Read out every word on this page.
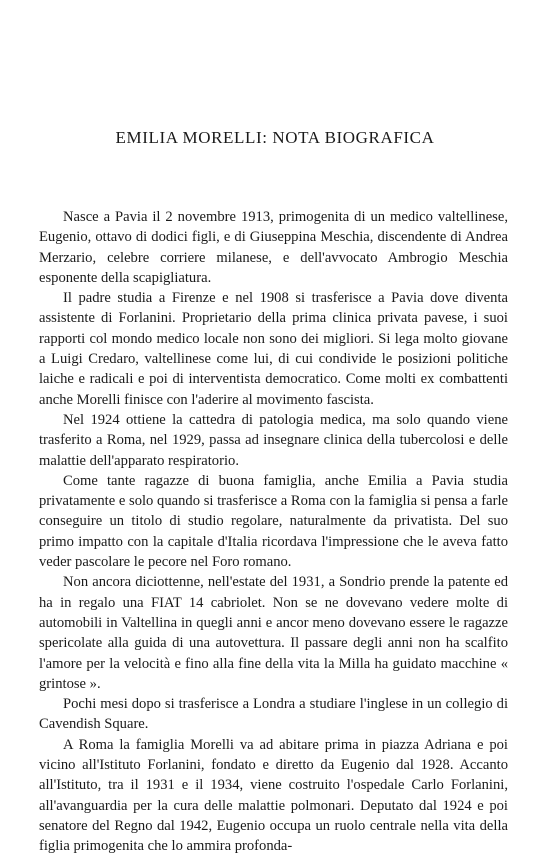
EMILIA MORELLI: NOTA BIOGRAFICA

Nasce a Pavia il 2 novembre 1913, primogenita di un medico valtellinese, Eugenio, ottavo di dodici figli, e di Giuseppina Meschia, discendente di Andrea Merzario, celebre corriere milanese, e dell'avvocato Ambrogio Meschia esponente della scapigliatura.

Il padre studia a Firenze e nel 1908 si trasferisce a Pavia dove diventa assistente di Forlanini. Proprietario della prima clinica privata pavese, i suoi rapporti col mondo medico locale non sono dei migliori. Si lega molto giovane a Luigi Credaro, valtellinese come lui, di cui condivide le posizioni politiche laiche e radicali e poi di interventista democratico. Come molti ex combattenti anche Morelli finisce con l'aderire al movimento fascista.

Nel 1924 ottiene la cattedra di patologia medica, ma solo quando viene trasferito a Roma, nel 1929, passa ad insegnare clinica della tubercolosi e delle malattie dell'apparato respiratorio.

Come tante ragazze di buona famiglia, anche Emilia a Pavia studia privatamente e solo quando si trasferisce a Roma con la famiglia si pensa a farle conseguire un titolo di studio regolare, naturalmente da privatista. Del suo primo impatto con la capitale d'Italia ricordava l'impressione che le aveva fatto veder pascolare le pecore nel Foro romano.

Non ancora diciottenne, nell'estate del 1931, a Sondrio prende la patente ed ha in regalo una FIAT 14 cabriolet. Non se ne dovevano vedere molte di automobili in Valtellina in quegli anni e ancor meno dovevano essere le ragazze spericolate alla guida di una autovettura. Il passare degli anni non ha scalfito l'amore per la velocità e fino alla fine della vita la Milla ha guidato macchine « grintose ».

Pochi mesi dopo si trasferisce a Londra a studiare l'inglese in un collegio di Cavendish Square.

A Roma la famiglia Morelli va ad abitare prima in piazza Adriana e poi vicino all'Istituto Forlanini, fondato e diretto da Eugenio dal 1928. Accanto all'Istituto, tra il 1931 e il 1934, viene costruito l'ospedale Carlo Forlanini, all'avanguardia per la cura delle malattie polmonari. Deputato dal 1924 e poi senatore del Regno dal 1942, Eugenio occupa un ruolo centrale nella vita della figlia primogenita che lo ammira profonda-
